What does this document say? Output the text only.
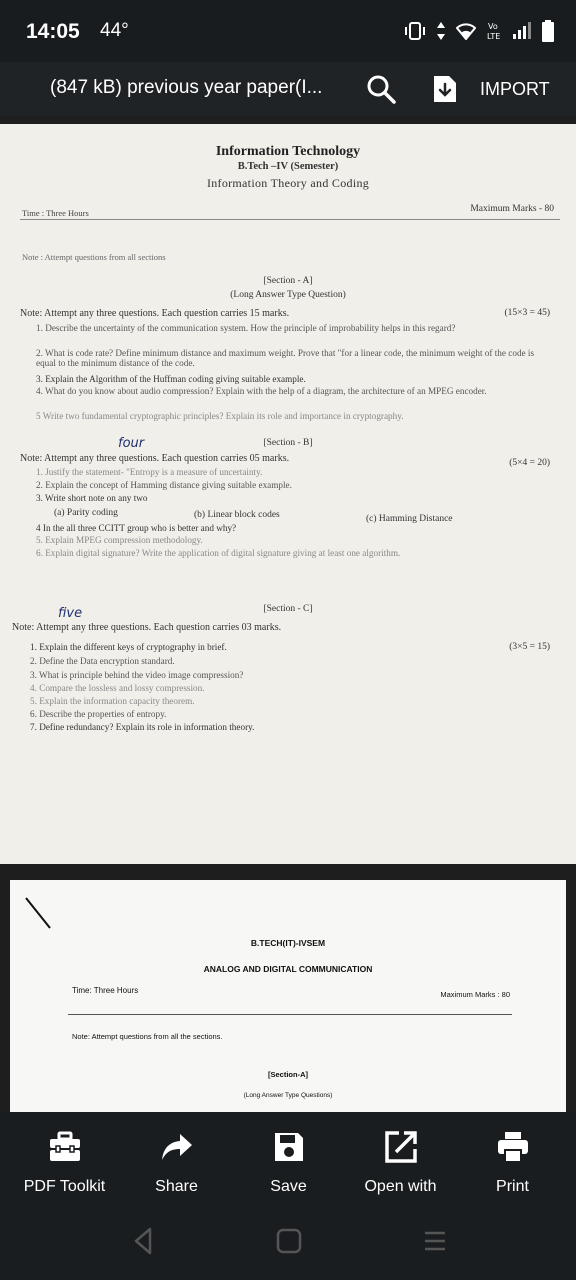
14:05 44°	Vo
LTE
(847 kB) previous year paper(I...	IMPORT
Information Technology
B.Tech –IV (Semester)
Information Theory and Coding
Time : Three Hours	Maximum Marks - 80
Note : Attempt questions from all sections
[Section - A]
(Long Answer Type Question)
Note: Attempt any three questions. Each question carries 15 marks.	(15×3 = 45)
1. Describe the uncertainty of the communication system. How the principle of improbability helps in this regard?
2. What is code rate? Define minimum distance and maximum weight. Prove that "for a linear code, the minimum weight of the code is equal to the minimum distance of the code.
3. Explain the Algorithm of the Huffman coding giving suitable example.
4. What do you know about audio compression? Explain with the help of a diagram, the architecture of an MPEG encoder.
5 Write two fundamental cryptographic principles? Explain its role and importance in cryptography.
[Section - B]
four
Note: Attempt any three questions. Each question carries 05 marks.	(5×4 = 20)
1. Justify the statement- "Entropy is a measure of uncertainty.
2. Explain the concept of Hamming distance giving suitable example.
3. Write short note on any two
(a) Parity coding	(b) Linear block codes	(c) Hamming Distance
4 In the all three CCITT group who is better and why?
5. Explain MPEG compression methodology.
6. Explain digital signature? Write the application of digital signature giving at least one algorithm.
[Section - C]
five
Note: Attempt any three questions. Each question carries 03 marks.
(3×5 = 15)
1. Explain the different keys of cryptography in brief.
2. Define the Data encryption standard.
3. What is principle behind the video image compression?
4. Compare the lossless and lossy compression.
5. Explain the information capacity theorem.
6. Describe the properties of entropy.
7. Define redundancy? Explain its role in information theory.
B.TECH(IT)-IVSEM
ANALOG AND DIGITAL COMMUNICATION
Time: Three Hours	Maximum Marks : 80
Note: Attempt questions from all the sections.
[Section-A]
(Long Answer Type Questions)
PDF Toolkit	Share	Save	Open with	Print
